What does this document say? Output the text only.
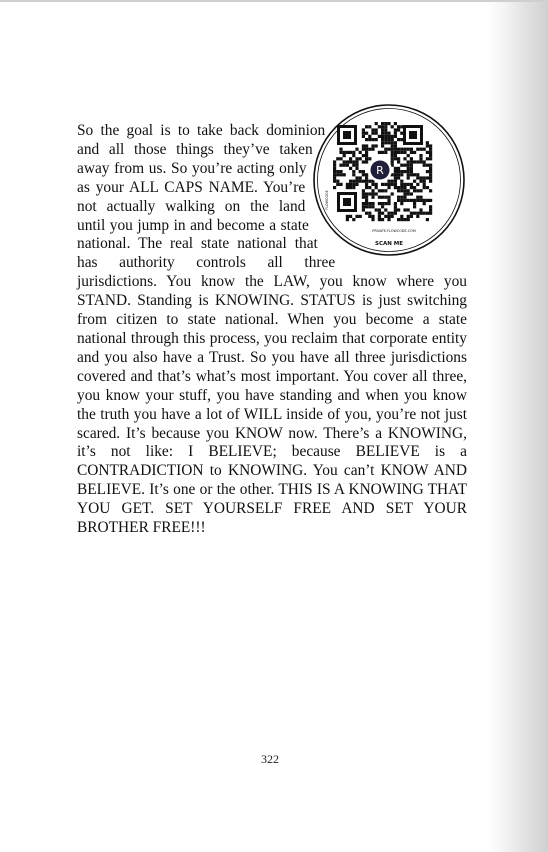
R
SCAN ME
PRIVATE.FLOWCODE.COM
FLOWCODE
So the goal is to take back dominion and all those things they’ve taken away from us. So you’re acting only as your ALL CAPS NAME. You’re not actually walking on the land until you jump in and become a state national. The real state national that has authority controls all three jurisdictions. You know the LAW, you know where you STAND. Standing is KNOWING. STATUS is just switching from citizen to state national. When you become a state national through this process, you reclaim that corporate entity and you also have a Trust. So you have all three jurisdictions covered and that’s what’s most important. You cover all three, you know your stuff, you have standing and when you know the truth you have a lot of WILL inside of you, you’re not just scared. It’s because you KNOW now. There’s a KNOWING, it’s not like: I BELIEVE; because BELIEVE is a CONTRADICTION to KNOWING. You can’t KNOW AND BELIEVE. It’s one or the other. THIS IS A KNOWING THAT YOU GET. SET YOURSELF FREE AND SET YOUR BROTHER FREE!!!
322
